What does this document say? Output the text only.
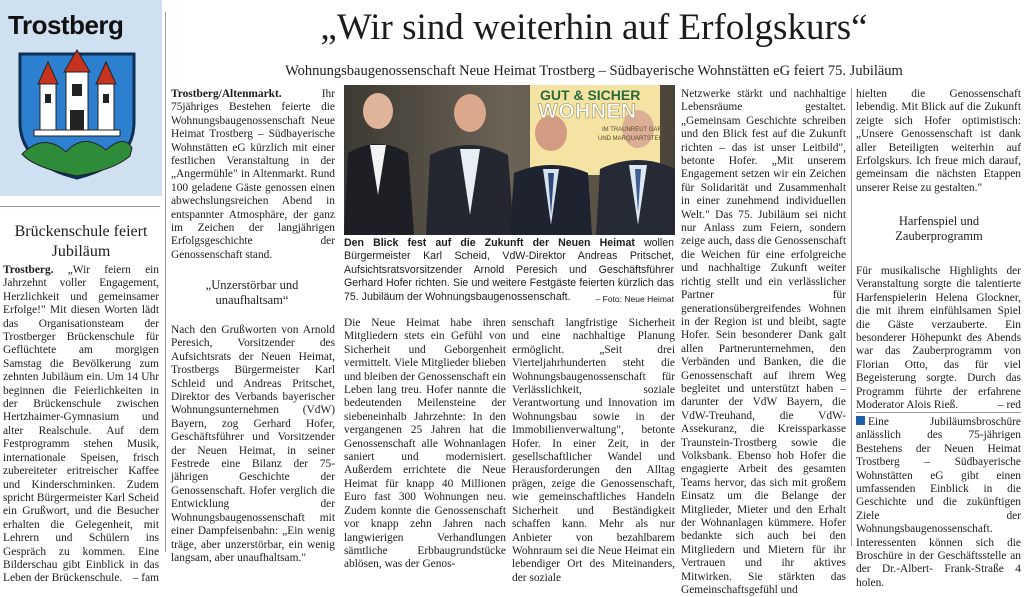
Trostberg
Brückenschule feiert Jubiläum

Trostberg. „Wir feiern ein Jahrzehnt voller Engagement, Herzlichkeit und gemeinsamer Erfolge!" Mit diesen Worten lädt das Organisationsteam der Trostberger Brückenschule für Geflüchtete am morgigen Samstag die Bevölkerung zum zehnten Jubiläum ein. Um 14 Uhr beginnen die Feierlichkeiten in der Brückenschule zwischen Hertzhaimer-Gymnasium und alter Realschule. Auf dem Festprogramm stehen Musik, internationale Speisen, frisch zubereiteter eritreischer Kaffee und Kinderschminken. Zudem spricht Bürgermeister Karl Scheid ein Grußwort, und die Besucher erhalten die Gelegenheit, mit Lehrern und Schülern ins Gespräch zu kommen. Eine Bilderschau gibt Einblick in das Leben der Brückenschule. – fam

„Wir sind weiterhin auf Erfolgskurs“
Wohnungsbaugenossenschaft Neue Heimat Trostberg – Südbayerische Wohnstätten eG feiert 75. Jubiläum

Trostberg/Altenmarkt. Ihr 75jähriges Bestehen feierte die Wohnungsbaugenossenschaft Neue Heimat Trostberg – Südbayerische Wohnstätten eG kürzlich mit einer festlichen Veranstaltung in der „Angermühle" in Altenmarkt. Rund 100 geladene Gäste genossen einen abwechslungsreichen Abend in entspannter Atmosphäre, der ganz im Zeichen der langjährigen Erfolgsgeschichte der Genossenschaft stand.

„Unzerstörbar und unaufhaltsam“

Nach den Grußworten von Arnold Peresich, Vorsitzender des Aufsichtsrats der Neuen Heimat, Trostbergs Bürgermeister Karl Schleid und Andreas Pritschet, Direktor des Verbands bayerischer Wohnungsunternehmen (VdW) Bayern, zog Gerhard Hofer, Geschäftsführer und Vorsitzender der Neuen Heimat, in seiner Festrede eine Bilanz der 75-jährigen Geschichte der Genossenschaft. Hofer verglich die Entwicklung der Wohnungsbaugenossenschaft mit einer Dampfeisenbahn: „Ein wenig träge, aber unzerstörbar, ein wenig langsam, aber unaufhaltsam."

GUT & SICHER
WOHNEN
IM TRAUNREUT GARTEN
UND MARQUARTSTEIN
Den Blick fest auf die Zukunft der Neuen Heimat wollen Bürgermeister Karl Scheid, VdW-Direktor Andreas Pritschet, Aufsichtsratsvorsitzender Arnold Peresich und Geschäftsführer Gerhard Hofer richten. Sie und weitere Festgäste feierten kürzlich das 75. Jubiläum der Wohnungsbaugenossenschaft.	– Foto: Neue Heimat

Die Neue Heimat habe ihren Mitgliedern stets ein Gefühl von Sicherheit und Geborgenheit vermittelt. Viele Mitglieder blieben und bleiben der Genossenschaft ein Leben lang treu. Hofer nannte die bedeutenden Meilensteine der siebeneinhalb Jahrzehnte: In den vergangenen 25 Jahren hat die Genossenschaft alle Wohnanlagen saniert und modernisiert. Außerdem errichtete die Neue Heimat für knapp 40 Millionen Euro fast 300 Wohnungen neu. Zudem konnte die Genossenschaft vor knapp zehn Jahren nach langwierigen Verhandlungen sämtliche Erbbaugrundstücke ablösen, was der Genos-

senschaft langfristige Sicherheit und eine nachhaltige Planung ermöglicht. „Seit drei Vierteljahrhunderten steht die Wohnungsbaugenossenschaft für Verlässlichkeit, soziale Verantwortung und Innovation im Wohnungsbau sowie in der Immobilienverwaltung", betonte Hofer. In einer Zeit, in der gesellschaftlicher Wandel und Herausforderungen den Alltag prägen, zeige die Genossenschaft, wie gemeinschaftliches Handeln Sicherheit und Beständigkeit schaffen kann. Mehr als nur Anbieter von bezahlbarem Wohnraum sei die Neue Heimat ein lebendiger Ort des Miteinanders, der soziale

Netzwerke stärkt und nachhaltige Lebensräume gestaltet. „Gemeinsam Geschichte schreiben und den Blick fest auf die Zukunft richten – das ist unser Leitbild", betonte Hofer. „Mit unserem Engagement setzen wir ein Zeichen für Solidarität und Zusammenhalt in einer zunehmend individuellen Welt." Das 75. Jubiläum sei nicht nur Anlass zum Feiern, sondern zeige auch, dass die Genossenschaft die Weichen für eine erfolgreiche und nachhaltige Zukunft weiter richtig stellt und ein verlässlicher Partner für generationsübergreifendes Wohnen in der Region ist und bleibt, sagte Hofer. Sein besonderer Dank galt allen Partnerunternehmen, den Verbänden und Banken, die die Genossenschaft auf ihrem Weg begleitet und unterstützt haben – darunter der VdW Bayern, die VdW-Treuhand, die VdW-Assekuranz, die Kreissparkasse Traunstein-Trostberg sowie die Volksbank. Ebenso hob Hofer die engagierte Arbeit des gesamten Teams hervor, das sich mit großem Einsatz um die Belange der Mitglieder, Mieter und den Erhalt der Wohnanlagen kümmere. Hofer bedankte sich auch bei den Mitgliedern und Mietern für ihr Vertrauen und ihr aktives Mitwirken. Sie stärkten das Gemeinschaftsgefühl und

hielten die Genossenschaft lebendig. Mit Blick auf die Zukunft zeigte sich Hofer optimistisch: „Unsere Genossenschaft ist dank aller Beteiligten weiterhin auf Erfolgskurs. Ich freue mich darauf, gemeinsam die nächsten Etappen unserer Reise zu gestalten."

Harfenspiel und Zauberprogramm

Für musikalische Highlights der Veranstaltung sorgte die talentierte Harfenspielerin Helena Glockner, die mit ihrem einfühlsamen Spiel die Gäste verzauberte. Ein besonderer Höhepunkt des Abends war das Zauberprogramm von Florian Otto, das für viel Begeisterung sorgte. Durch das Programm führte der erfahrene Moderator Alois Rieß.	– red

Eine Jubiläumsbroschüre anlässlich des 75-jährigen Bestehens der Neuen Heimat Trostberg – Südbayerische Wohnstätten eG gibt einen umfassenden Einblick in die Geschichte und die zukünftigen Ziele der Wohnungsbaugenossenschaft. Interessenten können sich die Broschüre in der Geschäftsstelle an der Dr.-Albert- Frank-Straße 4 holen.
